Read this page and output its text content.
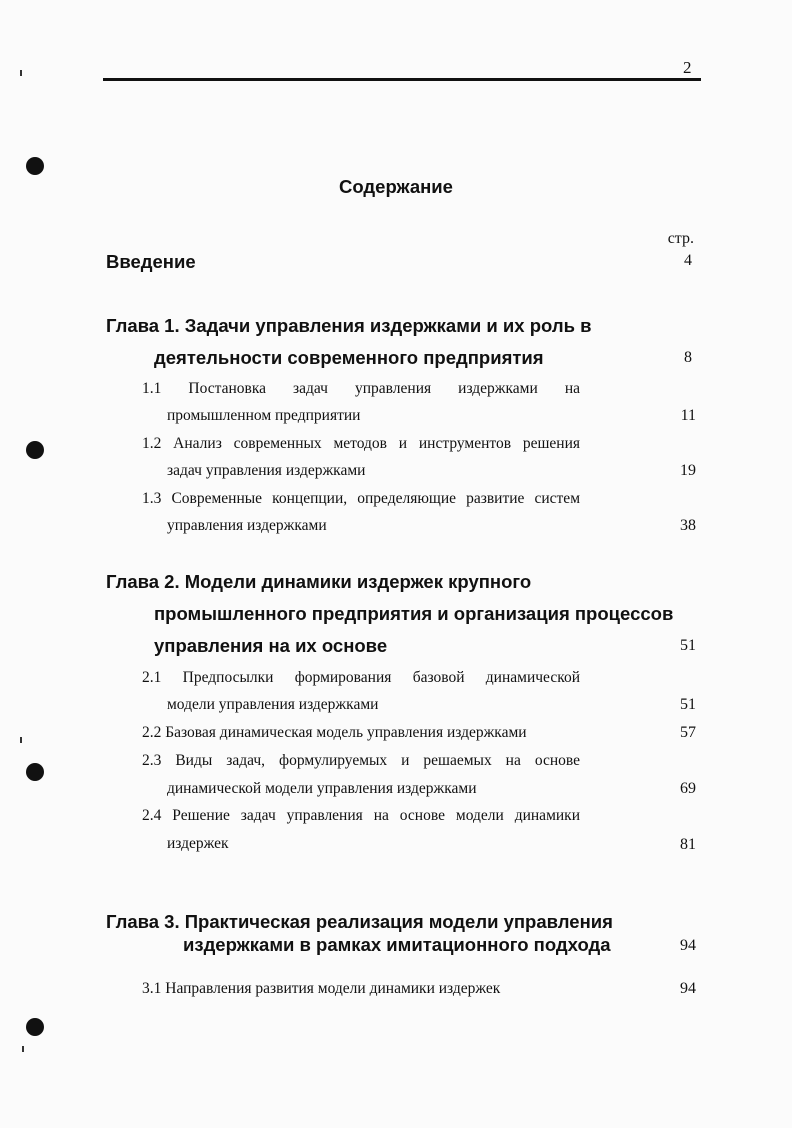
2
Содержание
стр.
Введение	4
Глава 1. Задачи управления издержками и их роль в
деятельности современного предприятия	8
1.1 Постановка задач управления издержками на
промышленном предприятии	11
1.2 Анализ современных методов и инструментов решения
задач управления издержками	19
1.3 Современные концепции, определяющие развитие систем
управления издержками	38
Глава 2. Модели динамики издержек крупного
промышленного предприятия и организация процессов
управления на их основе	51
2.1 Предпосылки формирования базовой динамической
модели управления издержками	51
2.2 Базовая динамическая модель управления издержками	57
2.3 Виды задач, формулируемых и решаемых на основе
динамической модели управления издержками	69
2.4 Решение задач управления на основе модели динамики
издержек	81
Глава 3. Практическая реализация модели управления
издержками в рамках имитационного подхода	94
3.1 Направления развития модели динамики издержек	94
